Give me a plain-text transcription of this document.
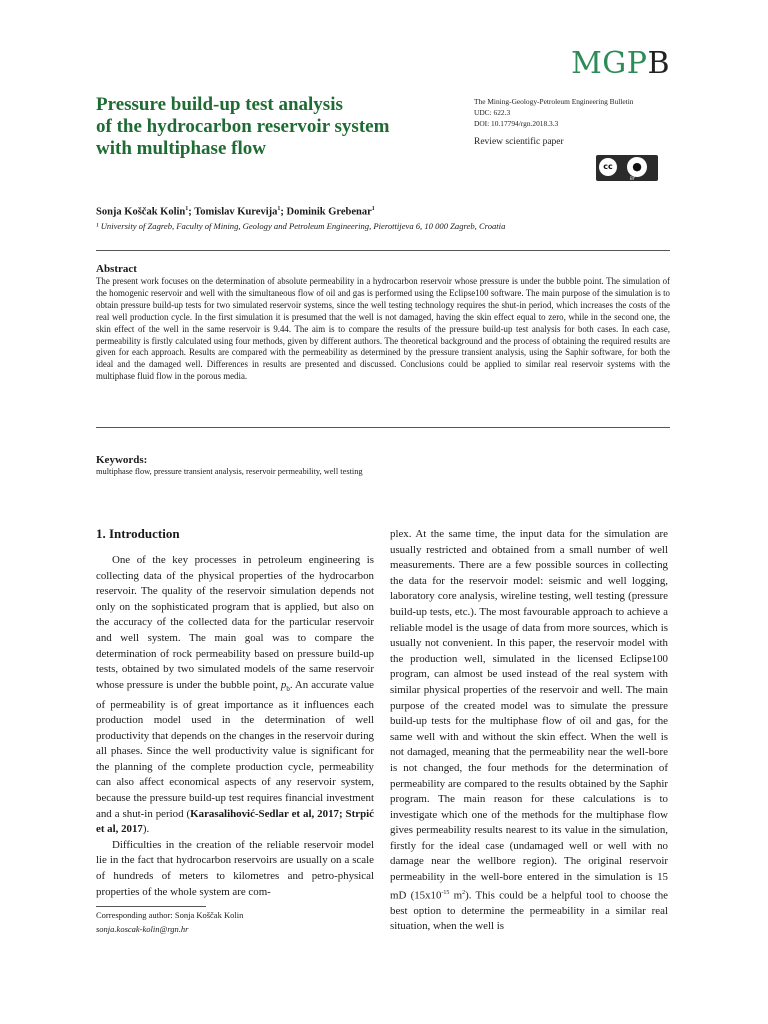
MGPB
Pressure build-up test analysis
of the hydrocarbon reservoir system
with multiphase flow
The Mining-Geology-Petroleum Engineering Bulletin
UDC: 622.3
DOI: 10.17794/rgn.2018.3.3
Review scientific paper
cc	●
BY
Sonja Koščak Kolin$^1$; Tomislav Kurevija$^1$; Dominik Grebenar$^1$
¹ University of Zagreb, Faculty of Mining, Geology and Petroleum Engineering, Pierottijeva 6, 10 000 Zagreb, Croatia
Abstract
The present work focuses on the determination of absolute permeability in a hydrocarbon reservoir whose pressure is under the bubble point. The simulation of the homogenic reservoir and well with the simultaneous flow of oil and gas is performed using the Eclipse100 software. The main purpose of the simulation is to obtain pressure build-up tests for two simulated reservoir systems, since the well testing technology requires the shut-in period, which increases the costs of the real well production cycle. In the first simulation it is presumed that the well is not damaged, having the skin effect equal to zero, while in the second one, the skin effect of the well in the same reservoir is 9.44. The aim is to compare the results of the pressure build-up test analysis for both cases. In each case, permeability is firstly calculated using four methods, given by different authors. The theoretical background and the process of obtaining the required results are given for each approach. Results are compared with the permeability as determined by the pressure transient analysis, using the Saphir software, for both the ideal and the damaged well. Differences in results are presented and discussed. Conclusions could be applied to similar real reservoir systems with the multiphase fluid flow in the porous media.
Keywords:
multiphase flow, pressure transient analysis, reservoir permeability, well testing
1. Introduction

One of the key processes in petroleum engineering is collecting data of the physical properties of the hydrocarbon reservoir. The quality of the reservoir simulation depends not only on the sophisticated program that is applied, but also on the accuracy of the collected data for the particular reservoir and well system. The main goal was to compare the determination of rock permeability based on pressure build-up tests, obtained by two simulated models of the same reservoir whose pressure is under the bubble point, $p_b$. An accurate value of permeability is of great importance as it influences each production model used in the determination of well productivity that depends on the changes in the reservoir during all phases. Since the well productivity value is significant for the planning of the complete production cycle, permeability can also affect economical aspects of any reservoir system, because the pressure build-up test requires financial investment and a shut-in period (Karasalihović-Sedlar et al, 2017; Strpić et al, 2017).

Difficulties in the creation of the reliable reservoir model lie in the fact that hydrocarbon reservoirs are usually on a scale of hundreds of meters to kilometres and petro-physical properties of the whole system are com-

plex. At the same time, the input data for the simulation are usually restricted and obtained from a small number of well measurements. There are a few possible sources in collecting the data for the reservoir model: seismic and well logging, laboratory core analysis, wireline testing, well testing (pressure build-up tests, etc.). The most favourable approach to achieve a reliable model is the usage of data from more sources, which is usually not convenient. In this paper, the reservoir model with the production well, simulated in the licensed Eclipse100 program, can almost be used instead of the real system with similar physical properties of the reservoir and well. The main purpose of the created model was to simulate the pressure build-up tests for the multiphase flow of oil and gas, for the same well with and without the skin effect. When the well is not damaged, meaning that the permeability near the well-bore is not changed, the four methods for the determination of permeability are compared to the results obtained by the Saphir program. The main reason for these calculations is to investigate which one of the methods for the multiphase flow gives permeability results nearest to its value in the simulation, firstly for the ideal case (undamaged well or well with no damage near the wellbore region). The original reservoir permeability in the well-bore entered in the simulation is 15 mD ($15x10^{-15}$ $m^2$). This could be a helpful tool to choose the best option to determine the permeability in a similar real situation, when the well is

Corresponding author: Sonja Koščak Kolin
sonja.koscak-kolin@rgn.hr
